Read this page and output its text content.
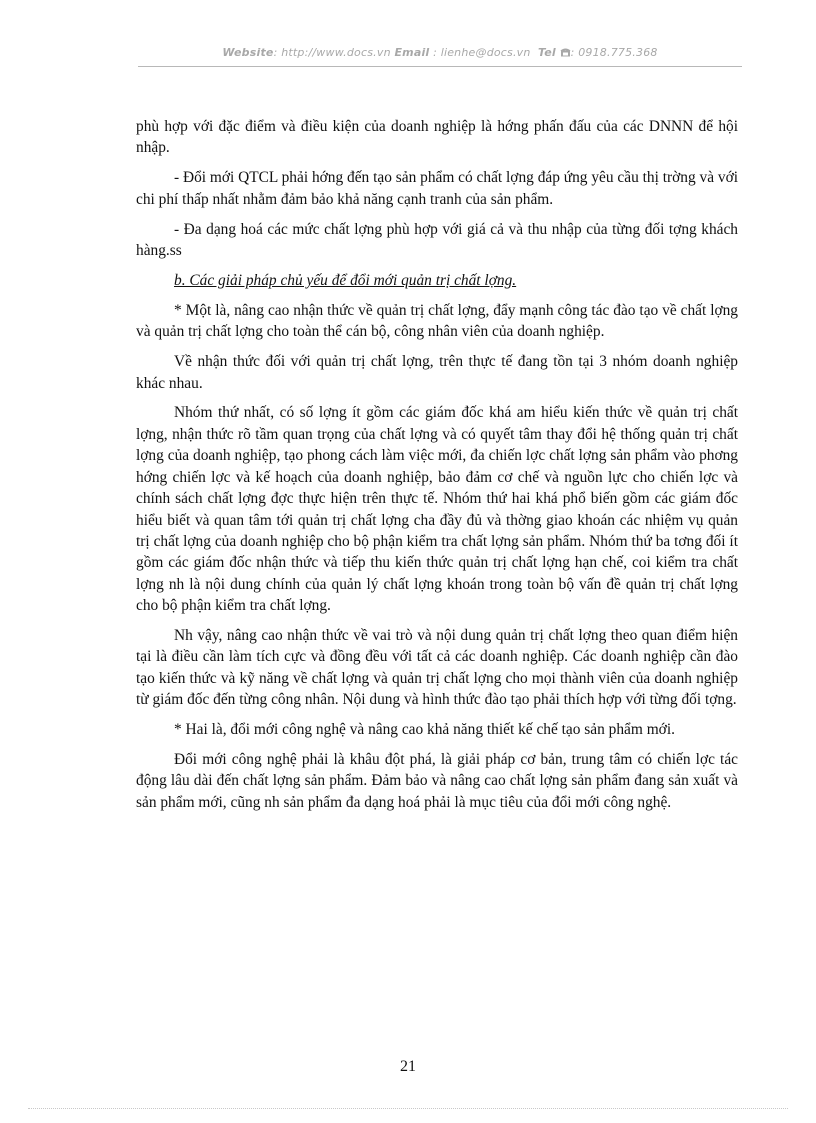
Website: http://www.docs.vn Email : lienhe@docs.vn Tel : 0918.775.368

phù hợp với đặc điểm và điều kiện của doanh nghiệp là hớng phấn đấu của các DNNN để hội nhập.

- Đổi mới QTCL phải hớng đến tạo sản phẩm có chất lợng đáp ứng yêu cầu thị trờng và với chi phí thấp nhất nhằm đảm bảo khả năng cạnh tranh của sản phẩm.

- Đa dạng hoá các mức chất lợng phù hợp với giá cả và thu nhập của từng đối tợng khách hàng.ss

b. Các giải pháp chủ yếu để đổi mới quản trị chất lợng.

* Một là, nâng cao nhận thức về quản trị chất lợng, đẩy mạnh công tác đào tạo về chất lợng và quản trị chất lợng cho toàn thể cán bộ, công nhân viên của doanh nghiệp.

Về nhận thức đối với quản trị chất lợng, trên thực tế đang tồn tại 3 nhóm doanh nghiệp khác nhau.

Nhóm thứ nhất, có số lợng ít gồm các giám đốc khá am hiểu kiến thức về quản trị chất lợng, nhận thức rõ tầm quan trọng của chất lợng và có quyết tâm thay đổi hệ thống quản trị chất lợng của doanh nghiệp, tạo phong cách làm việc mới, đa chiến lợc chất lợng sản phẩm vào phơng hớng chiến lợc và kế hoạch của doanh nghiệp, bảo đảm cơ chế và nguồn lực cho chiến lợc và chính sách chất lợng đợc thực hiện trên thực tế. Nhóm thứ hai khá phổ biến gồm các giám đốc hiểu biết và quan tâm tới quản trị chất lợng cha đầy đủ và thờng giao khoán các nhiệm vụ quản trị chất lợng của doanh nghiệp cho bộ phận kiểm tra chất lợng sản phẩm. Nhóm thứ ba tơng đối ít gồm các giám đốc nhận thức và tiếp thu kiến thức quản trị chất lợng hạn chế, coi kiểm tra chất lợng nh là nội dung chính của quản lý chất lợng khoán trong toàn bộ vấn đề quản trị chất lợng cho bộ phận kiểm tra chất lợng.

Nh vậy, nâng cao nhận thức về vai trò và nội dung quản trị chất lợng theo quan điểm hiện tại là điều cần làm tích cực và đồng đều với tất cả các doanh nghiệp. Các doanh nghiệp cần đào tạo kiến thức và kỹ năng về chất lợng và quản trị chất lợng cho mọi thành viên của doanh nghiệp từ giám đốc đến từng công nhân. Nội dung và hình thức đào tạo phải thích hợp với từng đối tợng.

* Hai là, đổi mới công nghệ và nâng cao khả năng thiết kế chế tạo sản phẩm mới.

Đổi mới công nghệ phải là khâu đột phá, là giải pháp cơ bản, trung tâm có chiến lợc tác động lâu dài đến chất lợng sản phẩm. Đảm bảo và nâng cao chất lợng sản phẩm đang sản xuất và sản phẩm mới, cũng nh sản phẩm đa dạng hoá phải là mục tiêu của đổi mới công nghệ.

21
